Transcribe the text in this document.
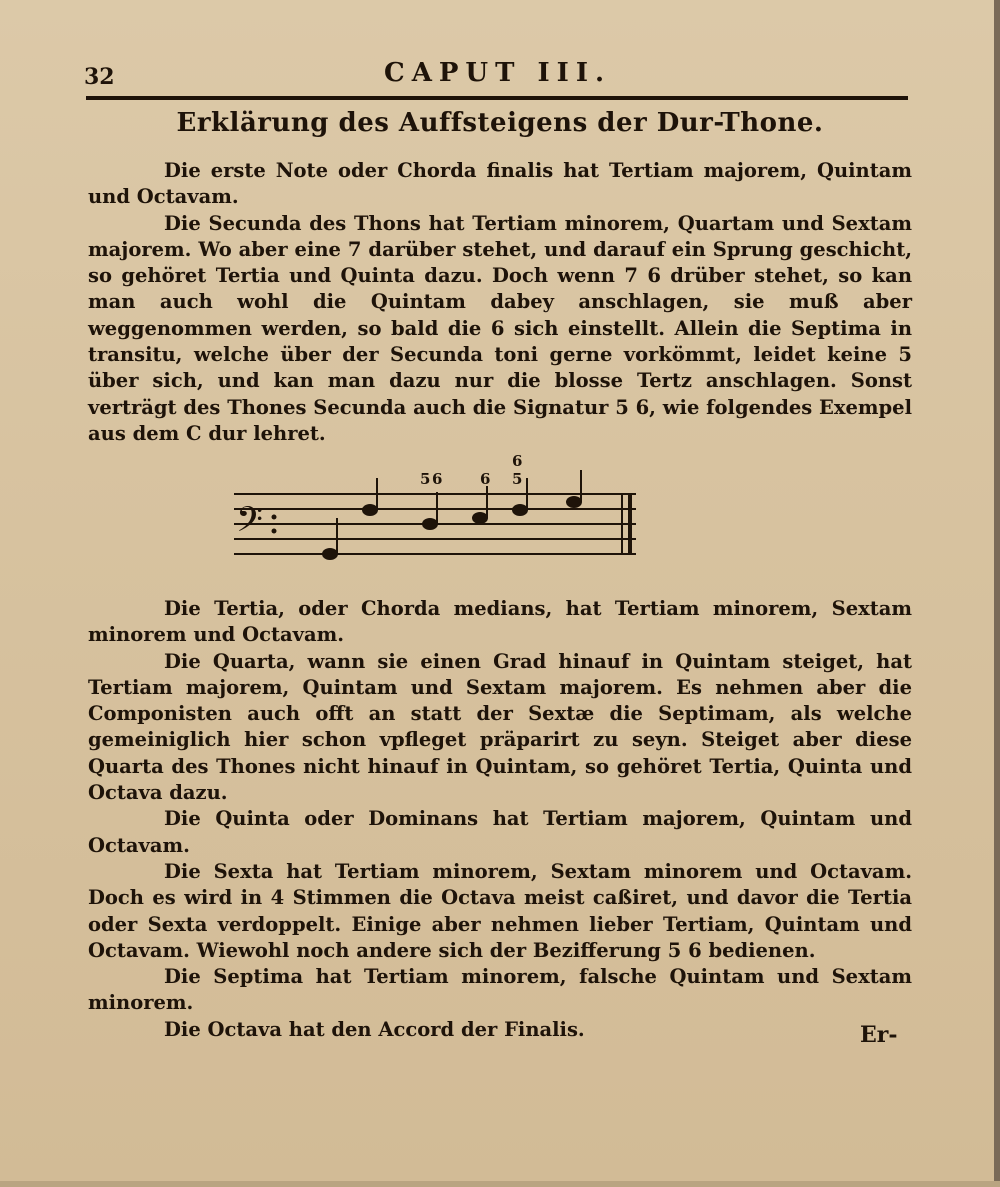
32	CAPUT III.
Erklärung des Auffsteigens der Dur-Thone.

Die erste Note oder Chorda finalis hat Tertiam majorem, Quintam und Octavam.

Die Secunda des Thons hat Tertiam minorem, Quartam und Sextam majorem. Wo aber eine 7 darüber stehet, und darauf ein Sprung geschicht, so gehöret Tertia und Quinta dazu. Doch wenn 7 6 drüber stehet, so kan man auch wohl die Quintam dabey anschlagen, sie muß aber weggenommen werden, so bald die 6 sich einstellt. Allein die Septima in transitu, welche über der Secunda toni gerne vorkömmt, leidet keine 5 über sich, und kan man dazu nur die blosse Tertz anschlagen. Sonst verträgt des Thones Secunda auch die Signatur 5 6, wie folgendes Exempel aus dem C dur lehret.

𝄢
5 6	6
6
5

Die Tertia, oder Chorda medians, hat Tertiam minorem, Sextam minorem und Octavam.

Die Quarta, wann sie einen Grad hinauf in Quintam steiget, hat Tertiam majorem, Quintam und Sextam majorem. Es nehmen aber die Componisten auch offt an statt der Sextæ die Septimam, als welche gemeiniglich hier schon vpfleget präparirt zu seyn. Steiget aber diese Quarta des Thones nicht hinauf in Quintam, so gehöret Tertia, Quinta und Octava dazu.

Die Quinta oder Dominans hat Tertiam majorem, Quintam und Octavam.

Die Sexta hat Tertiam minorem, Sextam minorem und Octavam. Doch es wird in 4 Stimmen die Octava meist caßiret, und davor die Tertia oder Sexta verdoppelt. Einige aber nehmen lieber Tertiam, Quintam und Octavam. Wiewohl noch andere sich der Bezifferung 5 6 bedienen.

Die Septima hat Tertiam minorem, falsche Quintam und Sextam minorem.

Die Octava hat den Accord der Finalis.	Er-
